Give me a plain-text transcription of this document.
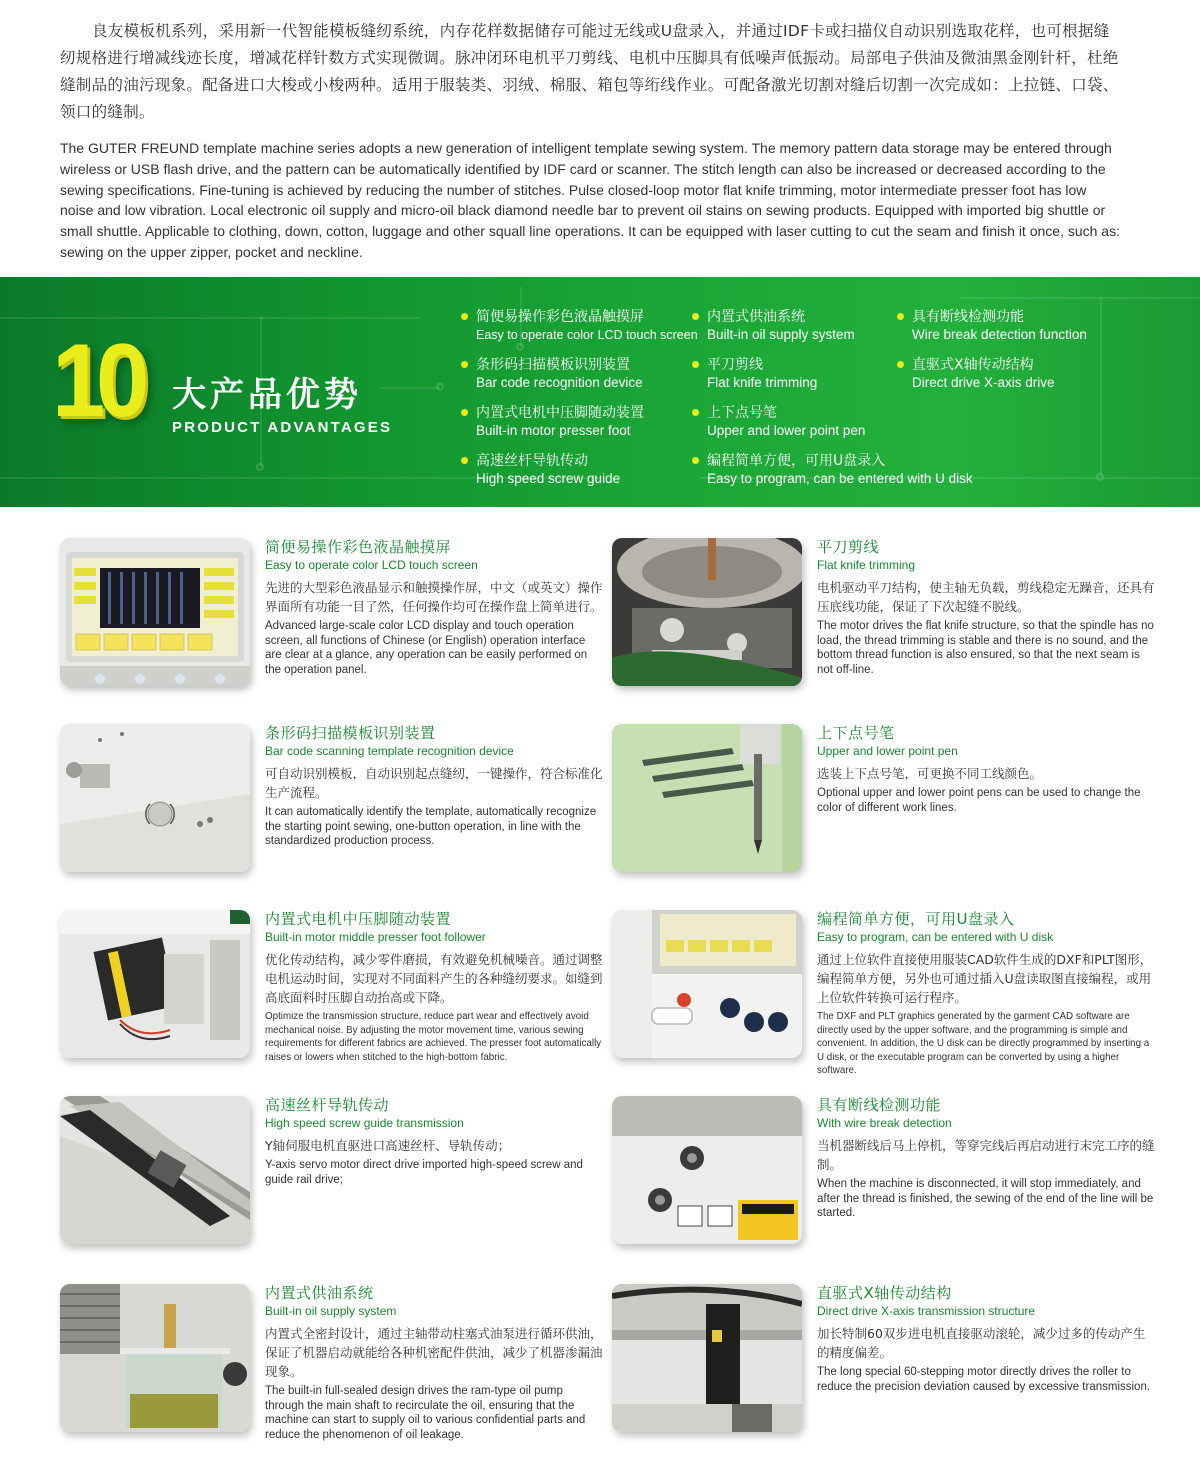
良友模板机系列，采用新一代智能模板缝纫系统，内存花样数据储存可能过无线或U盘录入，并通过IDF卡或扫描仪自动识别选取花样，也可根据缝纫规格进行增减线迹长度，增减花样针数方式实现微调。脉冲闭环电机平刀剪线、电机中压脚具有低噪声低振动。局部电子供油及微油黑金刚针杆，杜绝缝制品的油污现象。配备进口大梭或小梭两种。适用于服装类、羽绒、棉服、箱包等绗线作业。可配备激光切割对缝后切割一次完成如：上拉链、口袋、领口的缝制。

The GUTER FREUND template machine series adopts a new generation of intelligent template sewing system. The memory pattern data storage may be entered through wireless or USB flash drive, and the pattern can be automatically identified by IDF card or scanner. The stitch length can also be increased or decreased according to the sewing specifications. Fine-tuning is achieved by reducing the number of stitches. Pulse closed-loop motor flat knife trimming, motor intermediate presser foot has low noise and low vibration. Local electronic oil supply and micro-oil black diamond needle bar to prevent oil stains on sewing products. Equipped with imported big shuttle or small shuttle. Applicable to clothing, down, cotton, luggage and other squall line operations. It can be equipped with laser cutting to cut the seam and finish it once, such as: sewing on the upper zipper, pocket and neckline.

10 大产品优势
PRODUCT ADVANTAGES
简便易操作彩色液晶触摸屏
Easy to operate color LCD touch screen
条形码扫描模板识别装置
Bar code recognition device
内置式电机中压脚随动装置
Built-in motor presser foot
高速丝杆导轨传动
High speed screw guide
内置式供油系统
Built-in oil supply system
平刀剪线
Flat knife trimming
上下点号笔
Upper and lower point pen
编程简单方便，可用U盘录入
Easy to program, can be entered with U disk
具有断线检测功能
Wire break detection function
直驱式X轴传动结构
Direct drive X-axis drive
简便易操作彩色液晶触摸屏
Easy to operate color LCD touch screen
先进的大型彩色液晶显示和触摸操作屏，中文（或英文）操作界面所有功能一目了然，任何操作均可在操作盘上简单进行。
Advanced large-scale color LCD display and touch operation screen, all functions of Chinese (or English) operation interface are clear at a glance, any operation can be easily performed on the operation panel.
平刀剪线
Flat knife trimming
电机驱动平刀结构，使主轴无负载，剪线稳定无躁音，还具有压底线功能，保证了下次起缝不脱线。
The motor drives the flat knife structure, so that the spindle has no load, the thread trimming is stable and there is no sound, and the bottom thread function is also ensured, so that the next seam is not off-line.
条形码扫描模板识别装置
Bar code scanning template recognition device
可自动识别模板，自动识别起点缝纫，一键操作，符合标准化生产流程。
It can automatically identify the template, automatically recognize the starting point sewing, one-button operation, in line with the standardized production process.
上下点号笔
Upper and lower point pen
选装上下点号笔，可更换不同工线颜色。
Optional upper and lower point pens can be used to change the color of different work lines.
内置式电机中压脚随动装置
Built-in motor middle presser foot follower
优化传动结构，减少零件磨损，有效避免机械噪音。通过调整电机运动时间，实现对不同面料产生的各种缝纫要求。如缝到高底面料时压脚自动抬高或下降。
Optimize the transmission structure, reduce part wear and effectively avoid mechanical noise. By adjusting the motor movement time, various sewing requirements for different fabrics are achieved. The presser foot automatically raises or lowers when stitched to the high-bottom fabric.
编程简单方便，可用U盘录入
Easy to program, can be entered with U disk
通过上位软件直接使用服装CAD软件生成的DXF和PLT图形，编程简单方便，另外也可通过插入U盘读取图直接编程，或用上位软件转换可运行程序。
The DXF and PLT graphics generated by the garment CAD software are directly used by the upper software, and the programming is simple and convenient. In addition, the U disk can be directly programmed by inserting a U disk, or the executable program can be converted by using a higher software.
高速丝杆导轨传动
High speed screw guide transmission
Y轴伺服电机直驱进口高速丝杆、导轨传动；
Y-axis servo motor direct drive imported high-speed screw and guide rail drive;
具有断线检测功能
With wire break detection
当机器断线后马上停机，等穿完线后再启动进行末完工序的缝制。
When the machine is disconnected, it will stop immediately, and after the thread is finished, the sewing of the end of the line will be started.
内置式供油系统
Built-in oil supply system
内置式全密封设计，通过主轴带动柱塞式油泵进行循环供油，保证了机器启动就能给各种机密配件供油，减少了机器渗漏油现象。
The built-in full-sealed design drives the ram-type oil pump through the main shaft to recirculate the oil, ensuring that the machine can start to supply oil to various confidential parts and reduce the phenomenon of oil leakage.
直驱式X轴传动结构
Direct drive X-axis transmission structure
加长特制60双步进电机直接驱动滚轮，减少过多的传动产生的精度偏差。
The long special 60-stepping motor directly drives the roller to reduce the precision deviation caused by excessive transmission.
